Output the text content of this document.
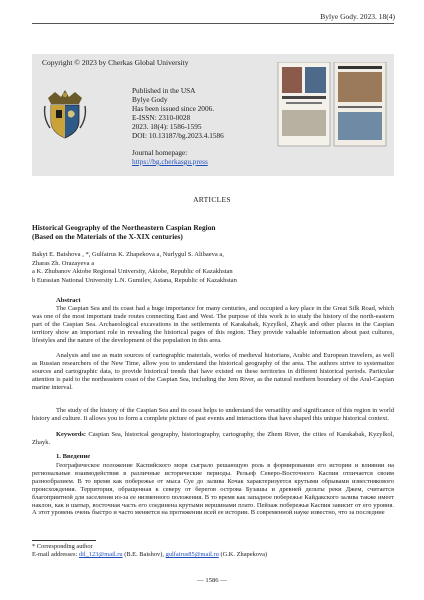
Bylye Gody. 2023. 18(4)
Copyright © 2023 by Cherkas Global University
Published in the USA
Bylye Gody
Has been issued since 2006.
E-ISSN: 2310-0028
2023. 18(4): 1586-1595
DOI: 10.13187/bg.2023.4.1586
Journal homepage:
https://bg.cherkasgu.press
ARTICLES
Historical Geography of the Northeastern Caspian Region
(Based on the Materials of the X-XIX centuries)
Bakyt E. Baishova , *, Gulfairus K. Zhapekova a, Nurlygul S. Alibaeva a,
Zharas Zh. Orazayeva a
a K. Zhubanov Aktobe Regional University, Aktobe, Republic of Kazakhstan
b Eurasian National University L.N. Gumilev, Astana, Republic of Kazakhstan
Abstract
The Caspian Sea and its coast had a huge importance for many centuries, and occupied a key place in the Great Silk Road, which was one of the most important trade routes connecting East and West. The purpose of this work is to study the history of the north-eastern part of the Caspian Sea. Archaeological excavations in the settlements of Karakabak, Kyzylkol, Zhayk and other places in the Caspian territory show an important role in revealing the historical pages of this region. They provide valuable information about past cultures, lifestyles and the nature of the development of the population in this area.
Analysis and use as main sources of cartographic materials, works of medieval historians, Arabic and European travelers, as well as Russian researchers of the New Time, allow you to understand the historical geography of the area. The authors strive to systematize sources and cartographic data, to provide historical trends that have existed on these territories in different historical periods. Particular attention is paid to the northeastern coast of the Caspian Sea, including the Jem River, as the natural northern boundary of the Aral-Caspian marine interval.
The study of the history of the Caspian Sea and its coast helps to understand the versatility and significance of this region in world history and culture. It allows you to form a complete picture of past events and interactions that have shaped this unique historical context.
Keywords: Caspian Sea, historical geography, historiography, cartography, the Zhem River, the cities of Karakabak, Kyzylkol, Zhayk.
1. Введение
Географическое положение Каспийского моря сыграло решающую роль в формировании его истории и влиянии на региональные взаимодействия в различные исторические периоды. Рельеф Северо-Восточного Каспия отличается своим разнообразием. В то время как побережье от мыса Суе до залива Кочак характеризуется крутыми обрывами известнякового происхождения. Территория, обращенная к северу от берегов острова Бузашы и древней дельты реки Джем, считается благоприятной для заселения из-за ее низменного положения. В то время как западное побережье Кайдакского залива также имеет наклон, как и шатыр, восточная часть его соединена крутыми вершинами плато. Пейзаж побережья Каспия зависит от его уровня. А этот уровень очень быстро и часто меняется на протяжении всей ее истории. В современной науке известно, что за последние
* Corresponding author
E-mail addresses: dil_123@mail.ru (B.E. Baishov), gulfairus85@mail.ru (G.K. Zhapekova)
— 1586 —
